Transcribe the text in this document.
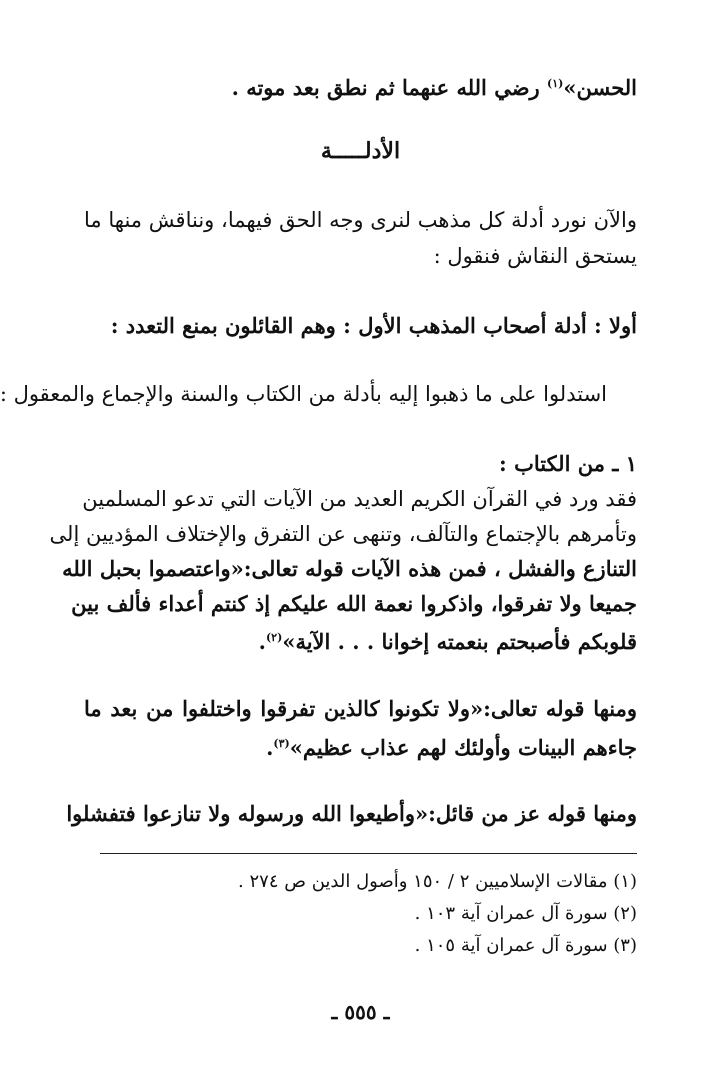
الحسن»$^{(١)}$ رضي الله عنهما ثم نطق بعد موته .
الأدلـــــة
والآن نورد أدلة كل مذهب لنرى وجه الحق فيهما، ونناقش منها ما
يستحق النقاش فنقول :
أولا : أدلة أصحاب المذهب الأول : وهم القائلون بمنع التعدد :
استدلوا على ما ذهبوا إليه بأدلة من الكتاب والسنة والإجماع والمعقول :
١ ـ من الكتاب :
فقد ورد في القرآن الكريم العديد من الآيات التي تدعو المسلمين
وتأمرهم بالإجتماع والتآلف، وتنهى عن التفرق والإختلاف المؤديين إلى
التنازع والفشل ، فمن هذه الآيات قوله تعالى:«واعتصموا بحبل الله
جميعا ولا تفرقوا، واذكروا نعمة الله عليكم إذ كنتم أعداء فألف بين
قلوبكم فأصبحتم بنعمته إخوانا . . . الآية»$^{(٢)}$.
ومنها قوله تعالى:«ولا تكونوا كالذين تفرقوا واختلفوا من بعد ما
جاءهم البينات وأولئك لهم عذاب عظيم»$^{(٣)}$.
ومنها قوله عز من قائل:«وأطيعوا الله ورسوله ولا تنازعوا فتفشلوا
(١) مقالات الإسلاميين ٢ / ١٥٠ وأصول الدين ص ٢٧٤ .
(٢) سورة آل عمران آية ١٠٣ .
(٣) سورة آل عمران آية ١٠٥ .
ـ ٥٥٥ ـ
